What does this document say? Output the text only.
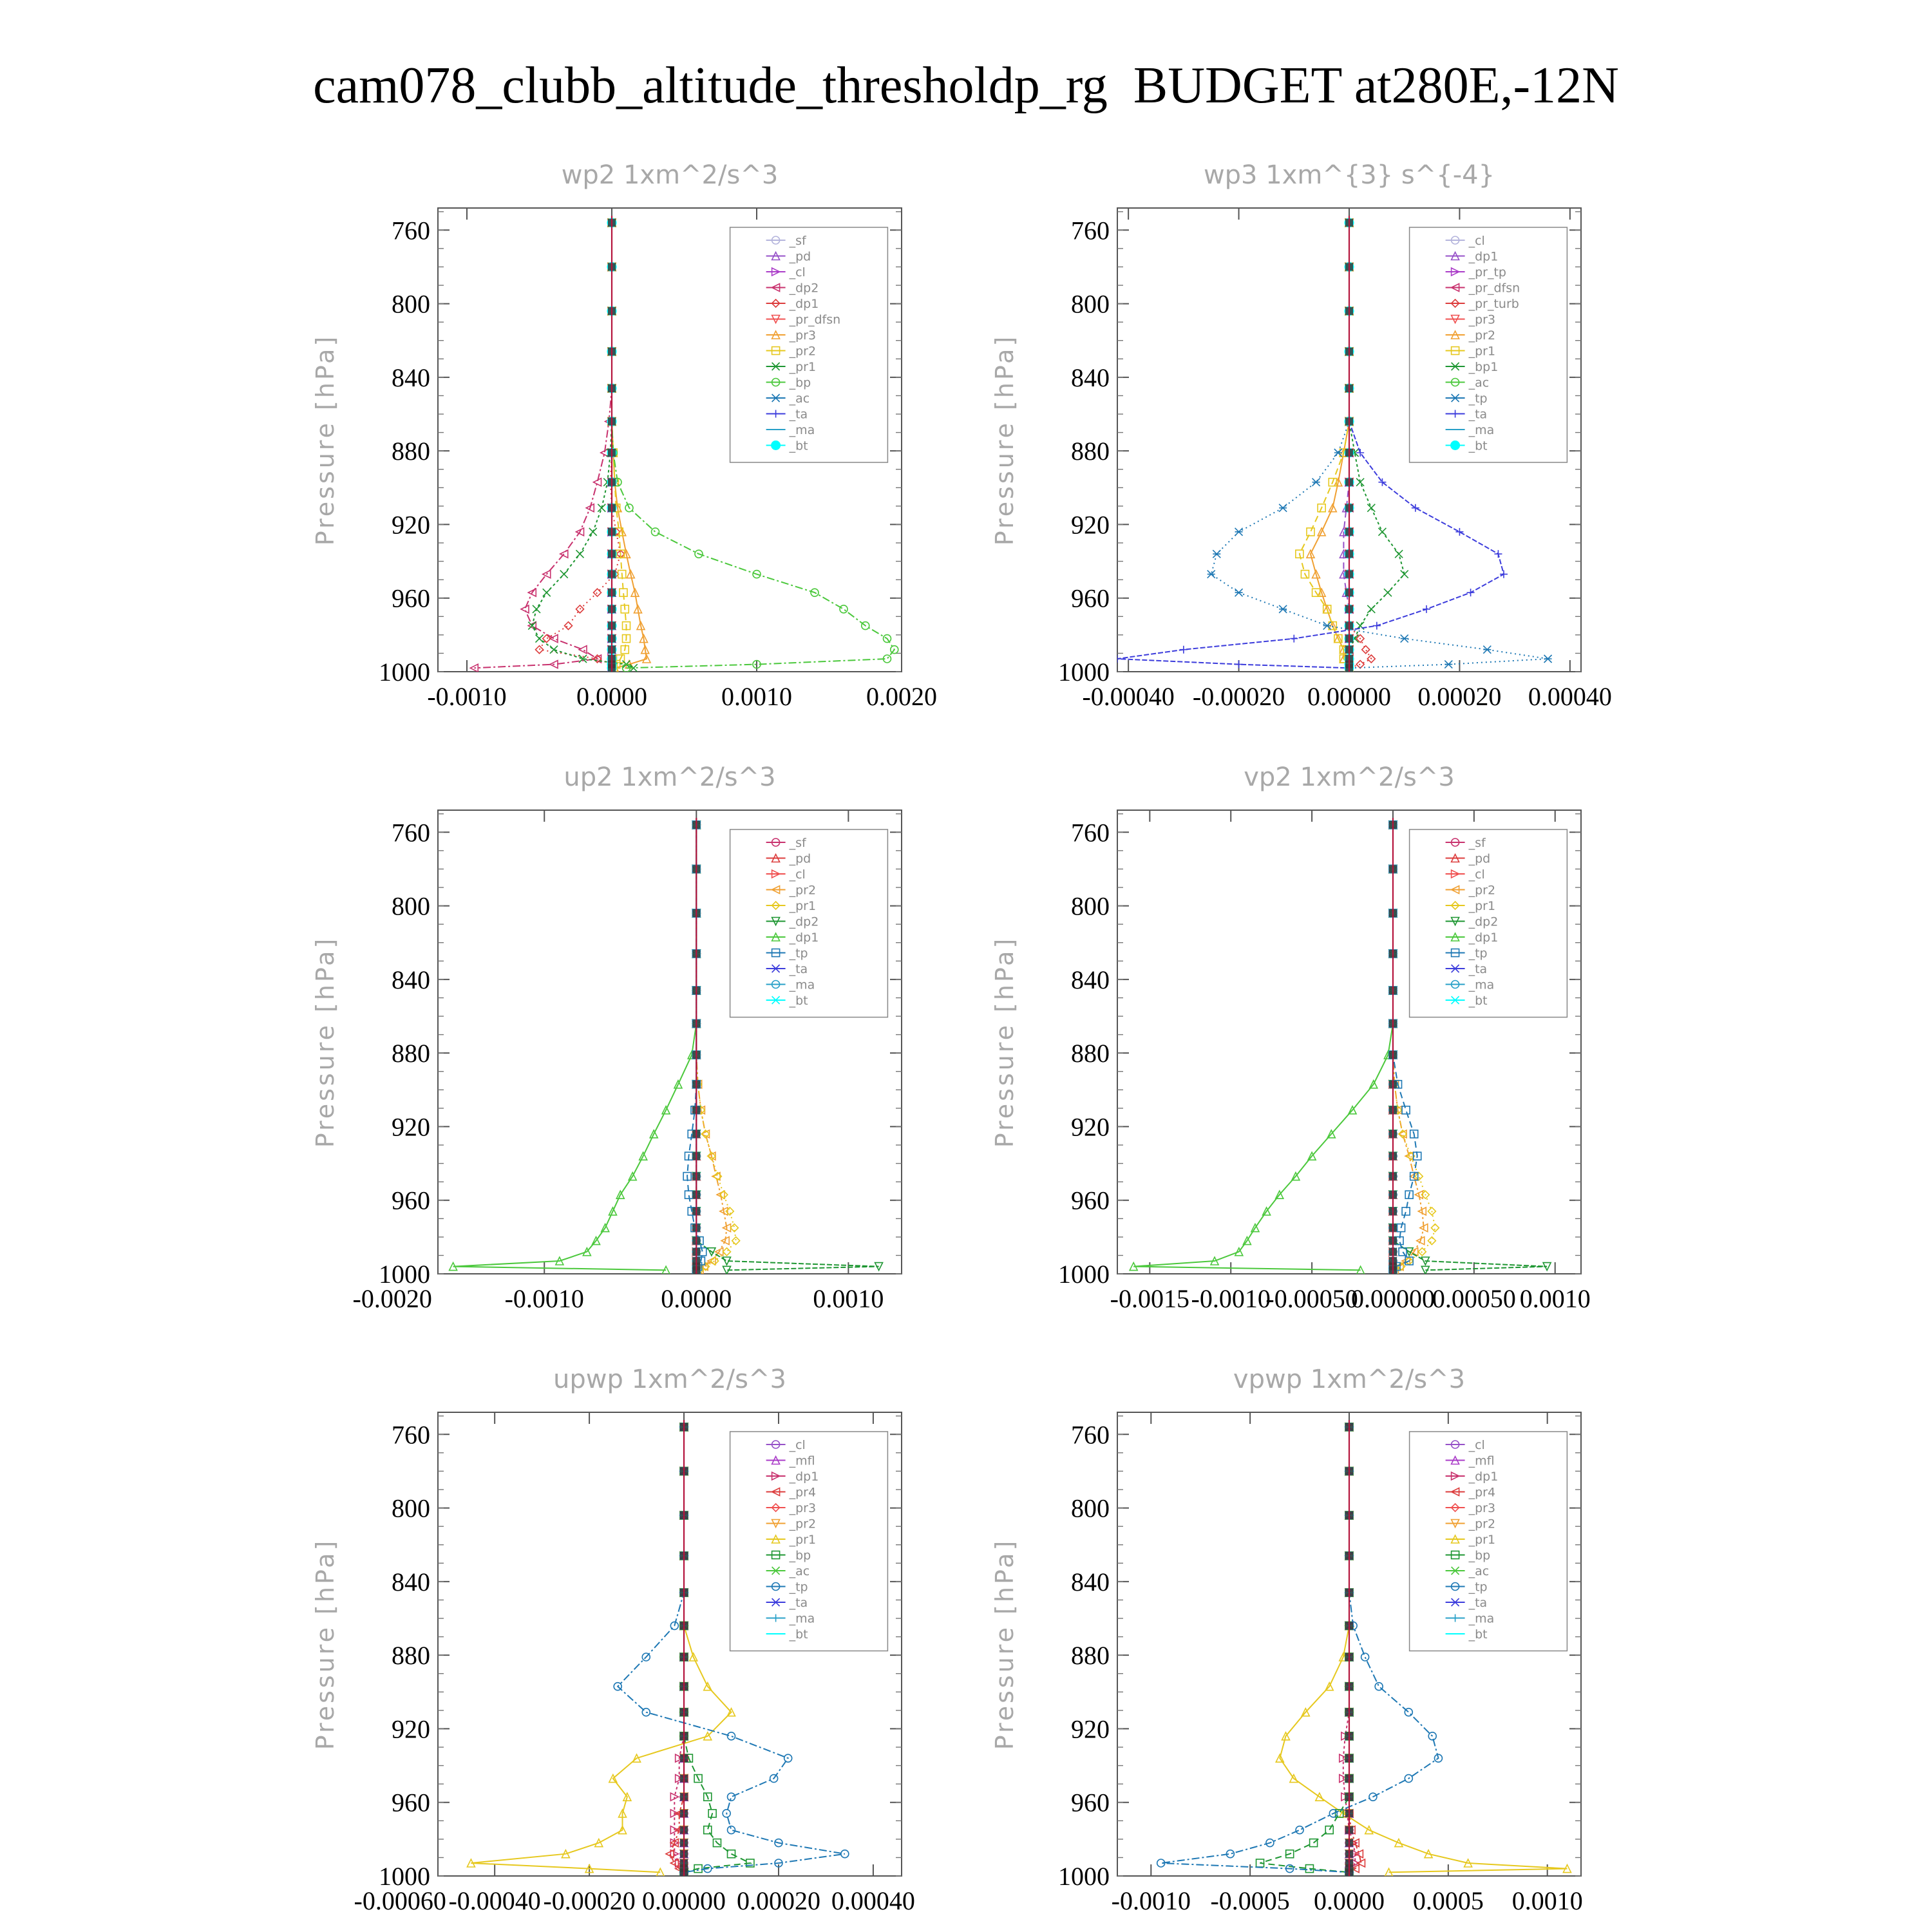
cam078_clubb_altitude_thresholdp_rg  BUDGET at280E,-12N
wp2 1xm^2/s^3
Pressure [hPa]
760
800
840
880
920
960
1000
-0.0010	0.0000	0.0010	0.0020
_sf
_pd
_cl
_dp2
_dp1
_pr_dfsn
_pr3
_pr2
_pr1
_bp
_ac
_ta
_ma
_bt
wp3 1xm^{3} s^{-4}
Pressure [hPa]
760
800
840
880
920
960
1000
-0.00040 -0.00020 0.00000 0.00020 0.00040
_cl
_dp1
_pr_tp
_pr_dfsn
_pr_turb
_pr3
_pr2
_pr1
_bp1
_ac
_tp
_ta
_ma
_bt
up2 1xm^2/s^3
Pressure [hPa]
760
800
840
880
920
960
1000
-0.0020	-0.0010	0.0000	0.0010
_sf
_pd
_cl
_pr2
_pr1
_dp2
_dp1
_tp
_ta
_ma
_bt
vp2 1xm^2/s^3
Pressure [hPa]
760
800
840
880
920
960
1000
-0.0015 -0.0010
-0.00050
0.00000
0.00050 0.0010
_sf
_pd
_cl
_pr2
_pr1
_dp2
_dp1
_tp
_ta
_ma
_bt
upwp 1xm^2/s^3
Pressure [hPa]
760
800
840
880
920
960
1000
-0.00060 -0.00040 -0.00020 0.00000 0.00020 0.00040
_cl
_mfl
_dp1
_pr4
_pr3
_pr2
_pr1
_bp
_ac
_tp
_ta
_ma
_bt
vpwp 1xm^2/s^3
Pressure [hPa]
760
800
840
880
920
960
1000
-0.0010 -0.0005 0.0000 0.0005 0.0010
_cl
_mfl
_dp1
_pr4
_pr3
_pr2
_pr1
_bp
_ac
_tp
_ta
_ma
_bt
